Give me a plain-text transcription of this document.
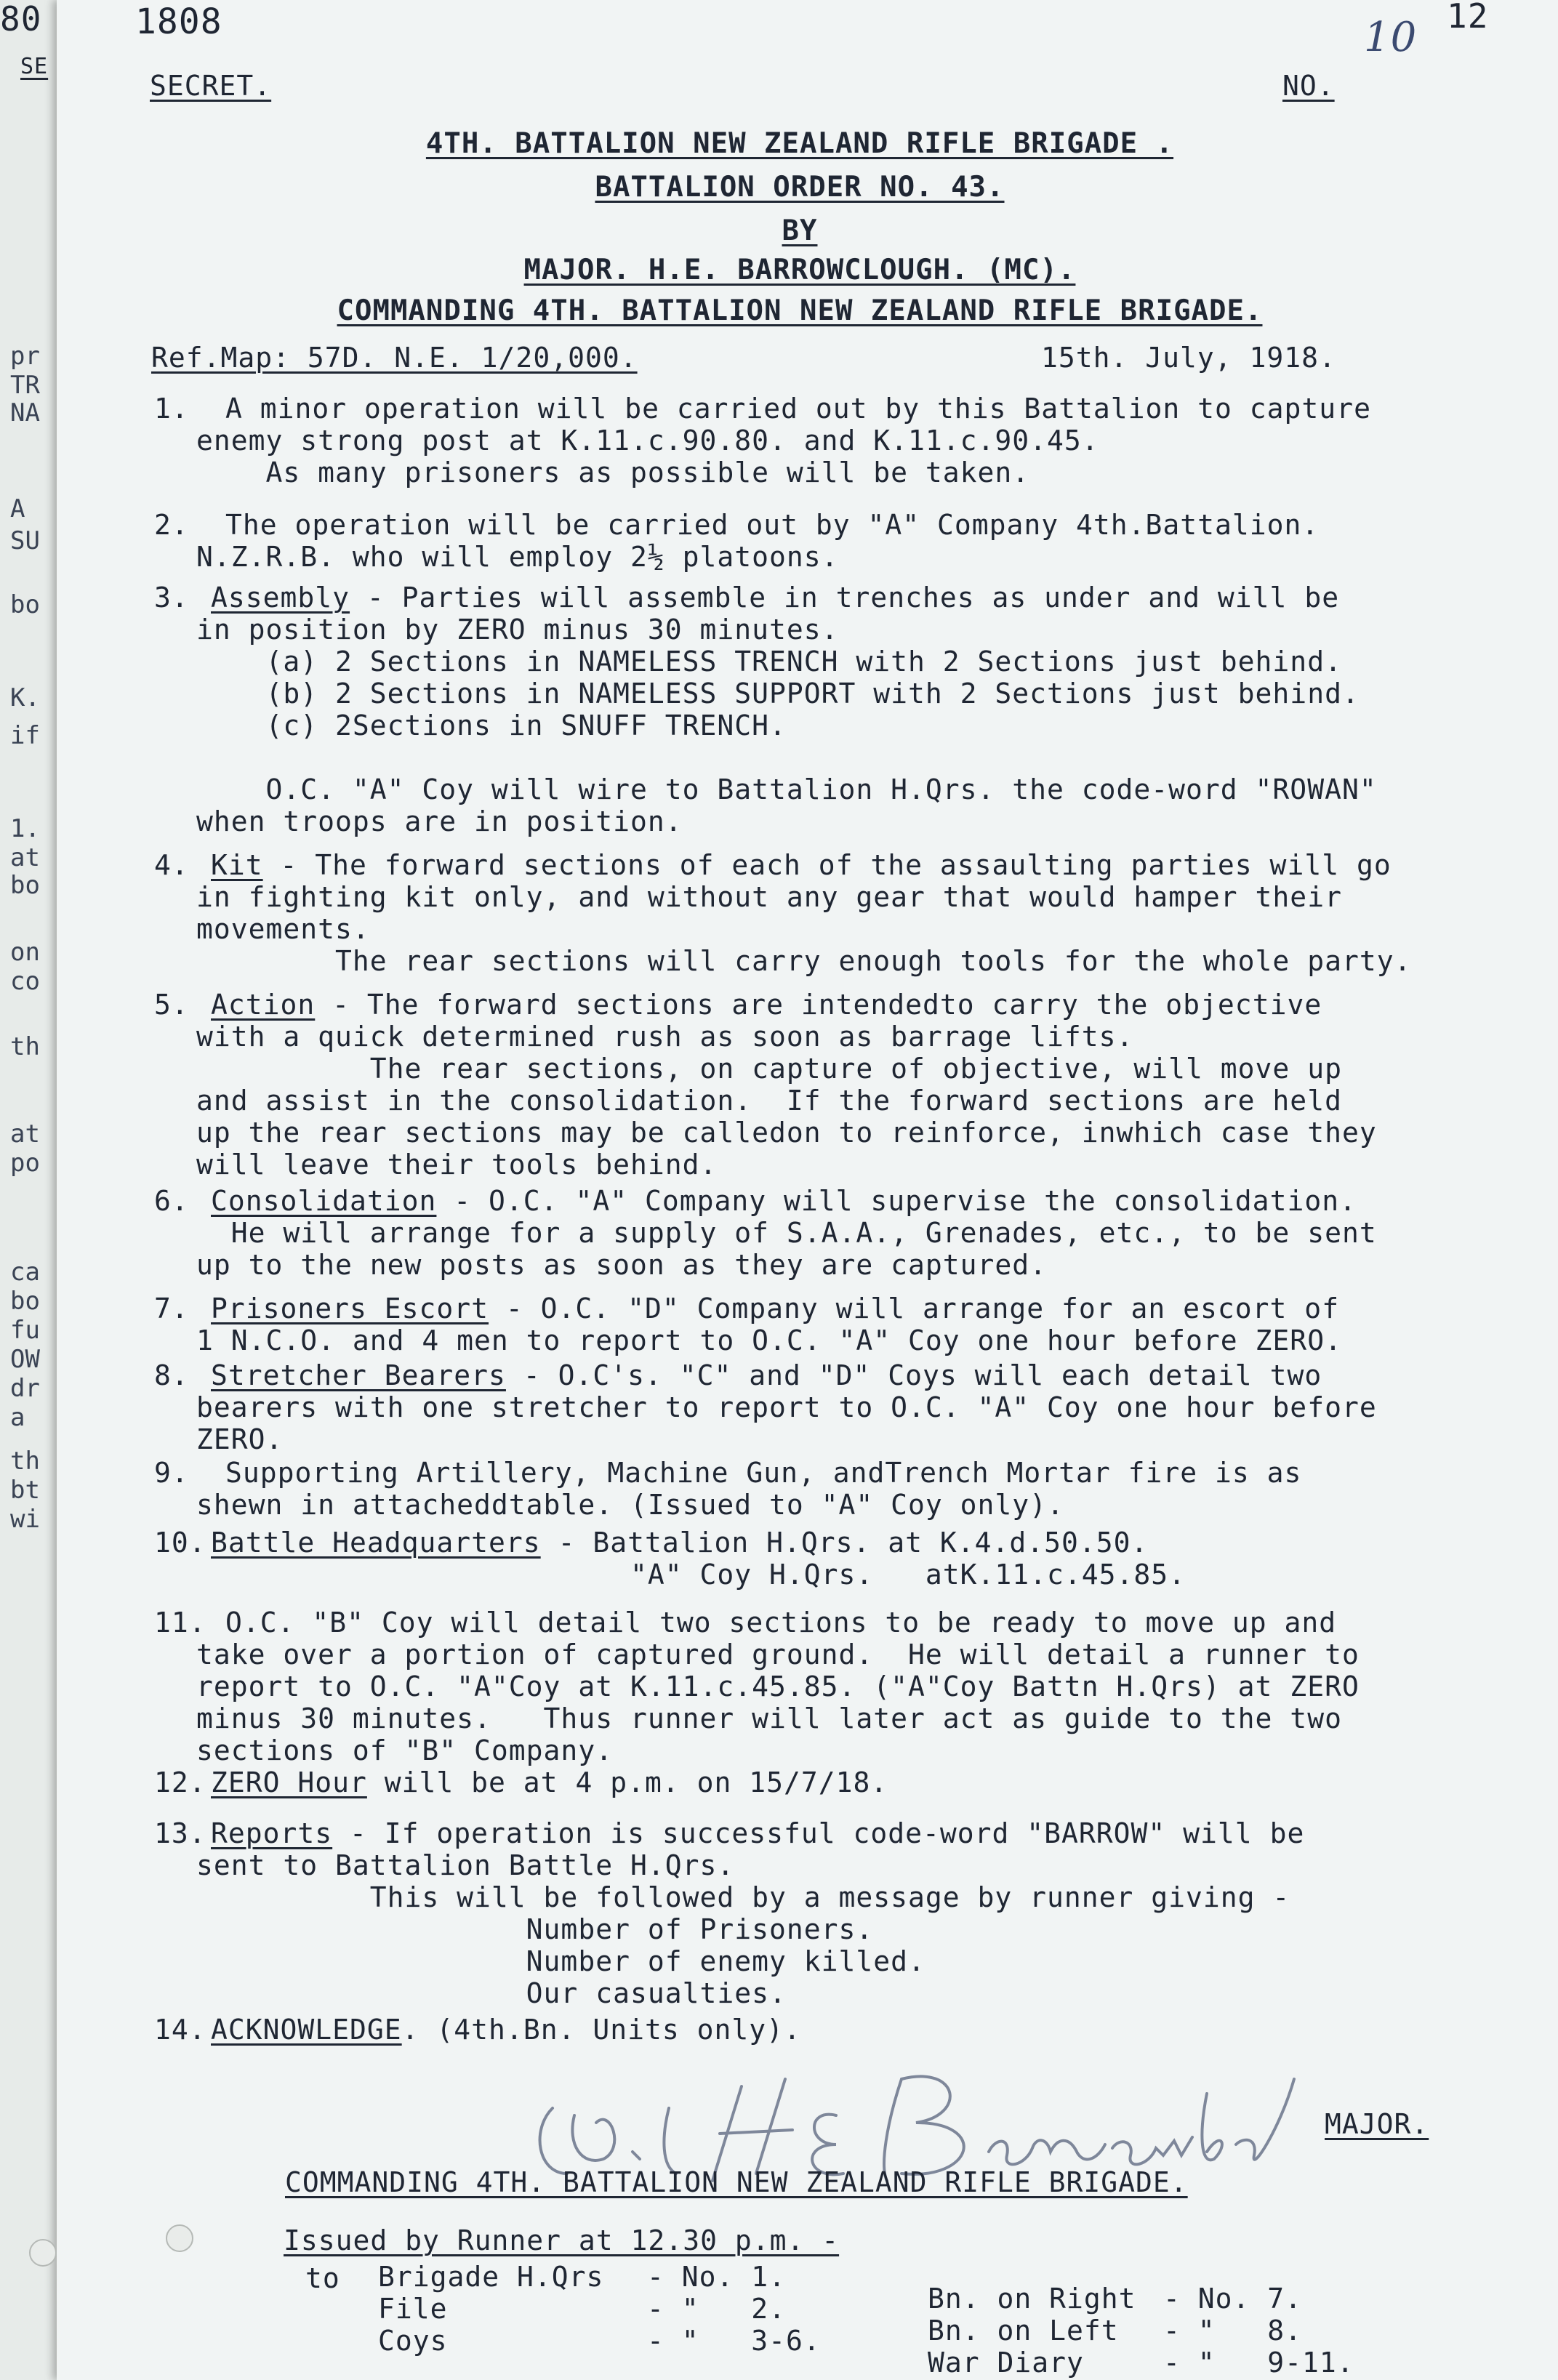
pr
TR
NA
A
SU
bo
K.
if
1.
at
bo
on
co
th
at
po
ca
bo
fu
OW
dr
a
th
bt
wi
80	1808	12
SE
SECRET.	NO.
10
4TH. BATTALION NEW ZEALAND RIFLE BRIGADE .
BATTALION ORDER NO. 43.
BY
MAJOR. H.E. BARROWCLOUGH. (MC).
COMMANDING 4TH. BATTALION NEW ZEALAND RIFLE BRIGADE.
Ref.Map: 57D. N.E. 1/20,000.	15th. July, 1918.
1. A minor operation will be carried out by this Battalion to capture
enemy strong post at K.11.c.90.80. and K.11.c.90.45.
As many prisoners as possible will be taken.
2. The operation will be carried out by "A" Company 4th.Battalion.
N.Z.R.B. who will employ 2½ platoons.
3. Assembly - Parties will assemble in trenches as under and will be
in position by ZERO minus 30 minutes.
(a) 2 Sections in NAMELESS TRENCH with 2 Sections just behind.
(b) 2 Sections in NAMELESS SUPPORT with 2 Sections just behind.
(c) 2Sections in SNUFF TRENCH.
O.C. "A" Coy will wire to Battalion H.Qrs. the code-word "ROWAN"
when troops are in position.
4. Kit - The forward sections of each of the assaulting parties will go
in fighting kit only, and without any gear that would hamper their
movements.
The rear sections will carry enough tools for the whole party.
5. Action - The forward sections are intendedto carry the objective
with a quick determined rush as soon as barrage lifts.
The rear sections, on capture of objective, will move up
and assist in the consolidation.  If the forward sections are held
up the rear sections may be calledon to reinforce, inwhich case they
will leave their tools behind.
6. Consolidation - O.C. "A" Company will supervise the consolidation.
He will arrange for a supply of S.A.A., Grenades, etc., to be sent
up to the new posts as soon as they are captured.
7. Prisoners Escort - O.C. "D" Company will arrange for an escort of
1 N.C.O. and 4 men to report to O.C. "A" Coy one hour before ZERO.
8. Stretcher Bearers - O.C's. "C" and "D" Coys will each detail two
bearers with one stretcher to report to O.C. "A" Coy one hour before
ZERO.
9. Supporting Artillery, Machine Gun, andTrench Mortar fire is as
shewn in attacheddtable. (Issued to "A" Coy only).
10. Battle Headquarters - Battalion H.Qrs. at K.4.d.50.50.
"A" Coy H.Qrs.   atK.11.c.45.85.
11. O.C. "B" Coy will detail two sections to be ready to move up and
take over a portion of captured ground.  He will detail a runner to
report to O.C. "A"Coy at K.11.c.45.85. ("A"Coy Battn H.Qrs) at ZERO
minus 30 minutes.   Thus runner will later act as guide to the two
sections of "B" Company.
12. ZERO Hour will be at 4 p.m. on 15/7/18.
13. Reports - If operation is successful code-word "BARROW" will be
sent to Battalion Battle H.Qrs.
This will be followed by a message by runner giving -
Number of Prisoners.
Number of enemy killed.
Our casualties.
14. ACKNOWLEDGE. (4th.Bn. Units only).
MAJOR.
COMMANDING 4TH. BATTALION NEW ZEALAND RIFLE BRIGADE.
Issued by Runner at 12.30 p.m. -
to Brigade H.Qrs - No. 1.
File	- "   2.
Coys	- "   3-6.
Bn. on Right - No. 7.
Bn. on Left - "   8.
War Diary	- "   9-11.
